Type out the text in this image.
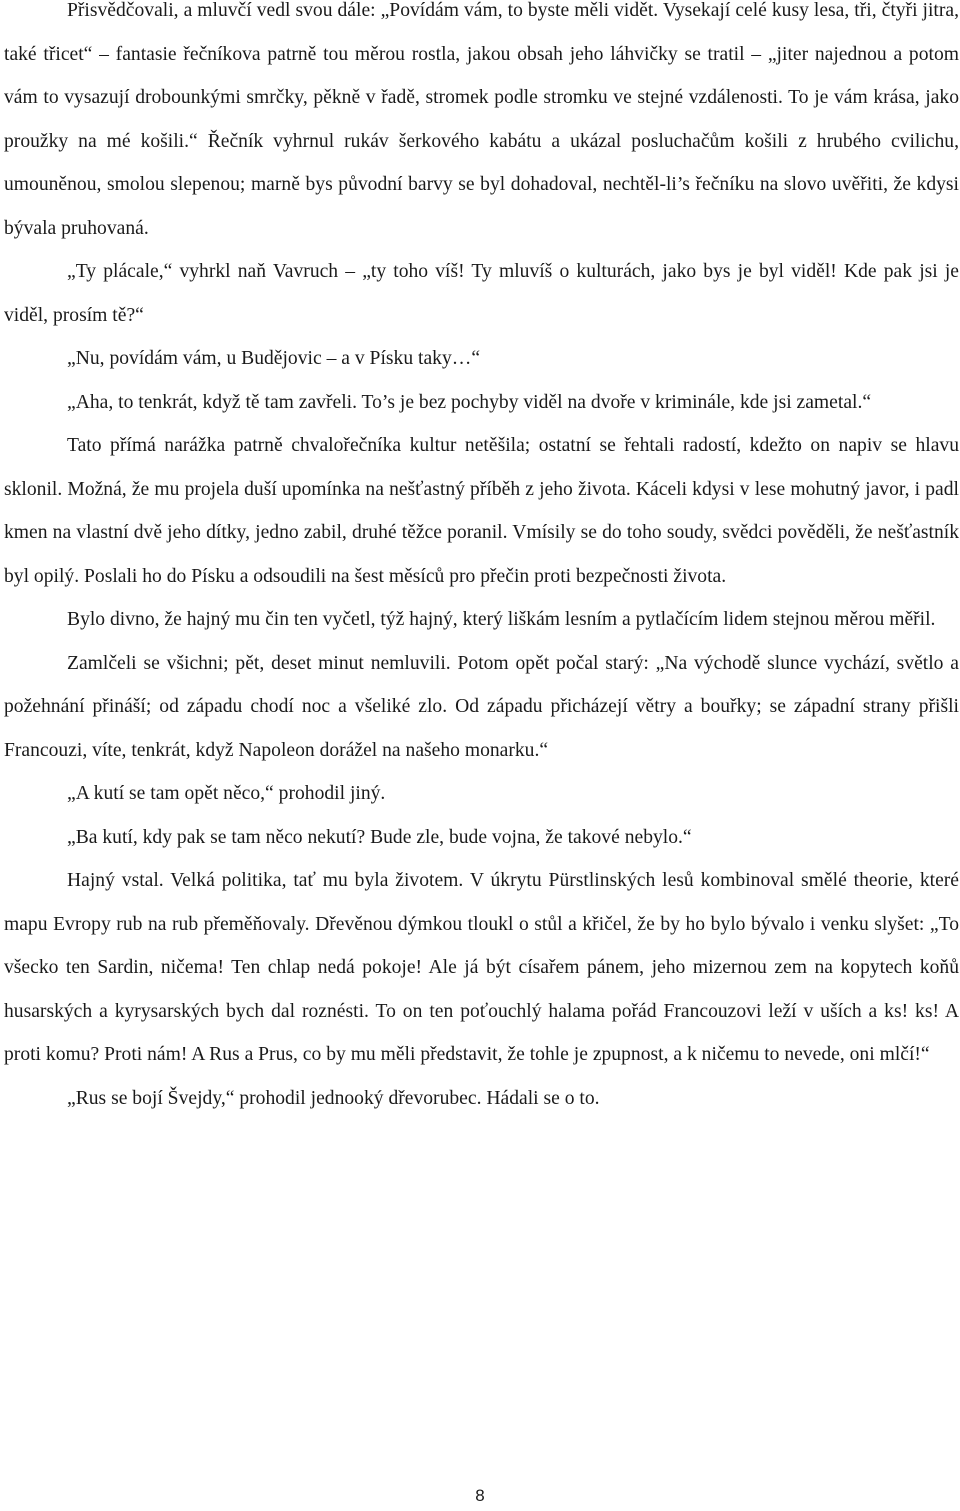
Přisvědčovali, a mluvčí vedl svou dále: „Povídám vám, to byste měli vidět. Vysekají celé kusy lesa, tři, čtyři jitra, také třicet“ – fantasie řečníkova patrně tou měrou rostla, jakou obsah jeho láhvičky se tratil – „jiter najednou a potom vám to vysazují drobounkými smrčky, pěkně v řadě, stromek podle stromku ve stejné vzdálenosti. To je vám krása, jako proužky na mé košili.“ Řečník vyhrnul rukáv šerkového kabátu a ukázal posluchačům košili z hrubého cvilichu, umouněnou, smolou slepenou; marně bys původní barvy se byl dohadoval, nechtěl-li’s řečníku na slovo uvěřiti, že kdysi bývala pruhovaná.

„Ty plácale,“ vyhrkl naň Vavruch – „ty toho víš! Ty mluvíš o kulturách, jako bys je byl viděl! Kde pak jsi je viděl, prosím tě?“

„Nu, povídám vám, u Budějovic – a v Písku taky…“

„Aha, to tenkrát, když tě tam zavřeli. To’s je bez pochyby viděl na dvoře v kriminále, kde jsi zametal.“

Tato přímá narážka patrně chvalořečníka kultur netěšila; ostatní se řehtali radostí, kdežto on napiv se hlavu sklonil. Možná, že mu projela duší upomínka na nešťastný příběh z jeho života. Káceli kdysi v lese mohutný javor, i padl kmen na vlastní dvě jeho dítky, jedno zabil, druhé těžce poranil. Vmísily se do toho soudy, svědci pověděli, že nešťastník byl opilý. Poslali ho do Písku a odsoudili na šest měsíců pro přečin proti bezpečnosti života.

Bylo divno, že hajný mu čin ten vyčetl, týž hajný, který liškám lesním a pytlačícím lidem stejnou měrou měřil.

Zamlčeli se všichni; pět, deset minut nemluvili. Potom opět počal starý: „Na východě slunce vychází, světlo a požehnání přináší; od západu chodí noc a všeliké zlo. Od západu přicházejí větry a bouřky; se západní strany přišli Francouzi, víte, tenkrát, když Napoleon dorážel na našeho monarku.“

„A kutí se tam opět něco,“ prohodil jiný.

„Ba kutí, kdy pak se tam něco nekutí? Bude zle, bude vojna, že takové nebylo.“

Hajný vstal. Velká politika, tať mu byla životem. V úkrytu Pürstlinských lesů kombinoval smělé theorie, které mapu Evropy rub na rub přeměňovaly. Dřevěnou dýmkou tloukl o stůl a křičel, že by ho bylo bývalo i venku slyšet: „To všecko ten Sardin, ničema! Ten chlap nedá pokoje! Ale já být císařem pánem, jeho mizernou zem na kopytech koňů husarských a kyrysarských bych dal roznésti. To on ten poťouchlý halama pořád Francouzovi leží v uších a ks! ks! A proti komu? Proti nám! A Rus a Prus, co by mu měli představit, že tohle je zpupnost, a k ničemu to nevede, oni mlčí!“

„Rus se bojí Švejdy,“ prohodil jednooký dřevorubec. Hádali se o to.

8
